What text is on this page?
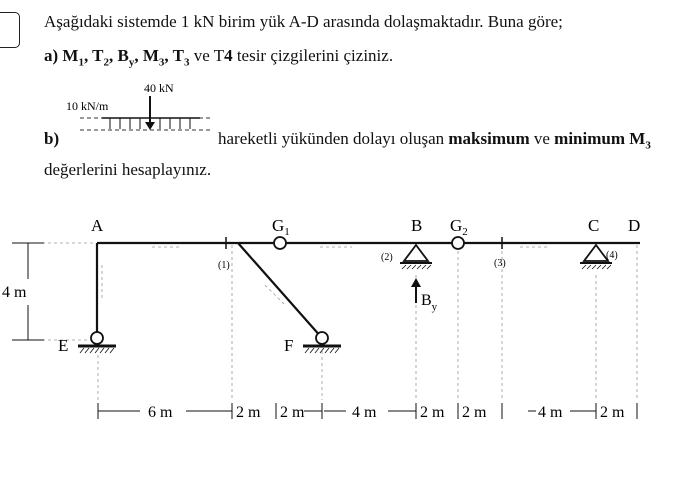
Aşağıdaki sistemde 1 kN birim yük A-D arasında dolaşmaktadır. Buna göre;
a) $M_1$, $T_2$, $B_y$, $M_3$, $T_3$ ve T4 tesir çizgilerini çiziniz.
b)	hareketli yükünden dolayı oluşan maksimum ve minimum $M_3$
değerlerini hesaplayınız.
40 kN
10 kN/m
$B_y$
A	$G_1$	B $G_2$	C D
E	F
(1)
(2)
(3)
(4)
4 m
6 m	2 m 2 m	4 m	2 m 2 m	4 m 2 m
